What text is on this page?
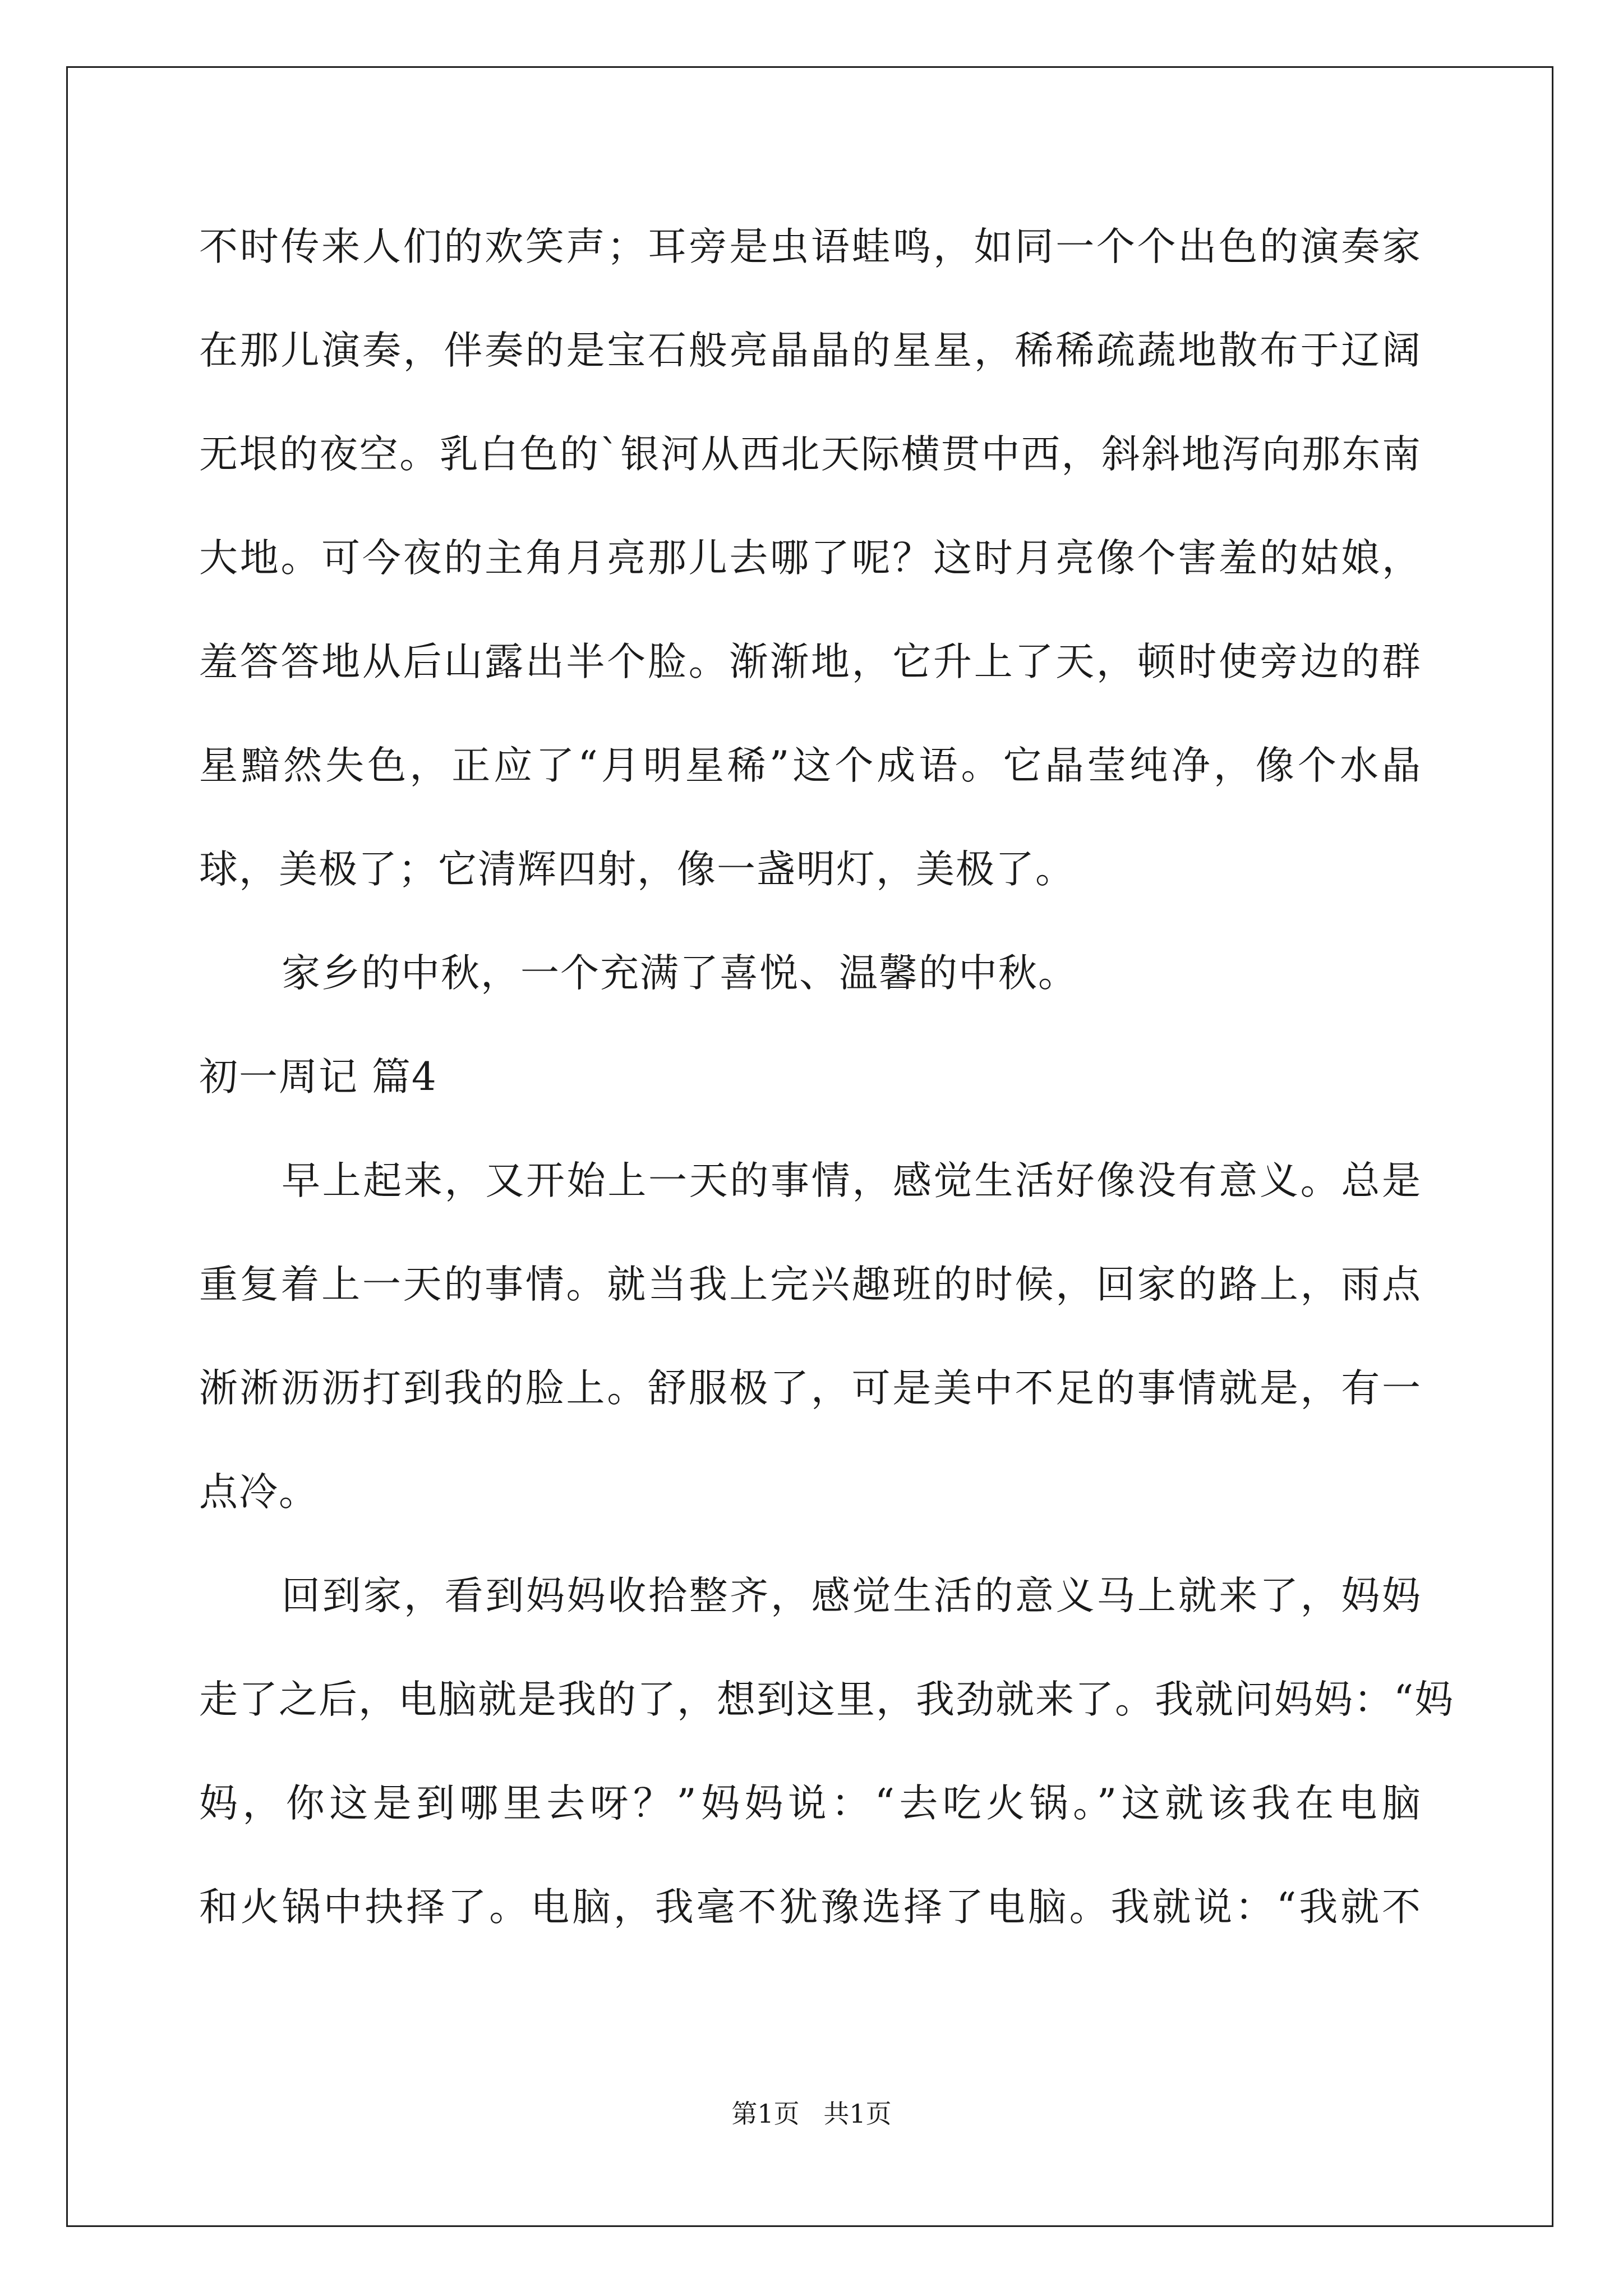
不时传来人们的欢笑声；耳旁是虫语蛙鸣，如同一个个出色的演奏家
在那儿演奏，伴奏的是宝石般亮晶晶的星星，稀稀疏蔬地散布于辽阔
无垠的夜空。乳白色的`银河从西北天际横贯中西，斜斜地泻向那东南
大地。可今夜的主角月亮那儿去哪了呢？这时月亮像个害羞的姑娘，
羞答答地从后山露出半个脸。渐渐地，它升上了天，顿时使旁边的群
星黯然失色，正应了“月明星稀”这个成语。它晶莹纯净，像个水晶
球，美极了；它清辉四射，像一盏明灯，美极了。
家乡的中秋，一个充满了喜悦、温馨的中秋。
初一周记 篇4
早上起来，又开始上一天的事情，感觉生活好像没有意义。总是
重复着上一天的事情。就当我上完兴趣班的时候，回家的路上，雨点
淅淅沥沥打到我的脸上。舒服极了，可是美中不足的事情就是，有一
点冷。
回到家，看到妈妈收拾整齐，感觉生活的意义马上就来了，妈妈
走了之后，电脑就是我的了，想到这里，我劲就来了。我就问妈妈：“妈
妈，你这是到哪里去呀？”妈妈说：“去吃火锅。”这就该我在电脑
和火锅中抉择了。电脑，我毫不犹豫选择了电脑。我就说：“我就不
第1页 共1页
